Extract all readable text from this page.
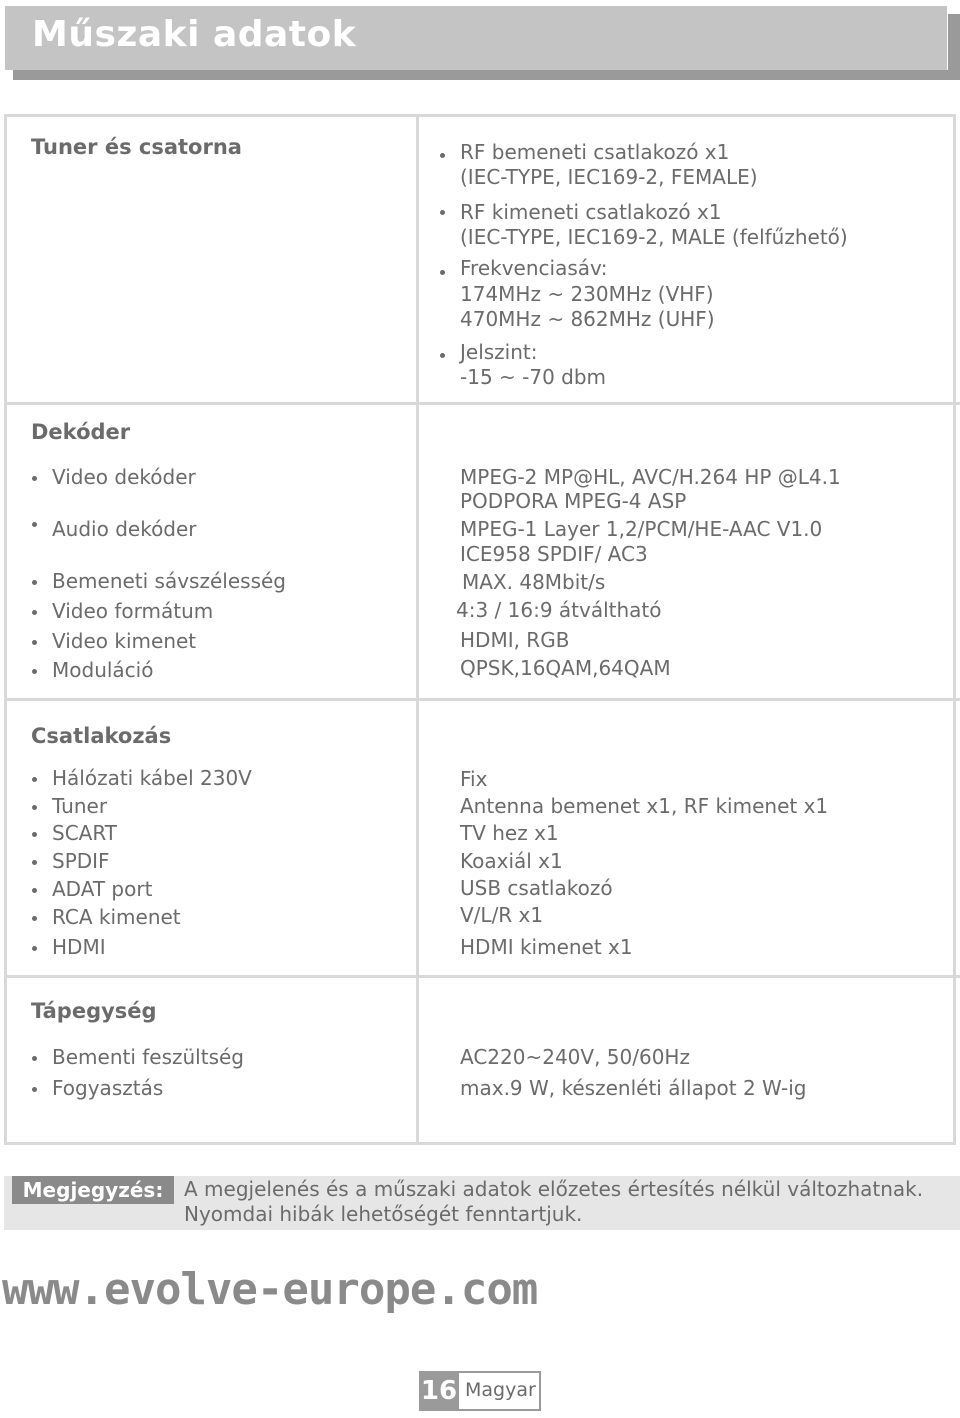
Műszaki adatok
Tuner és csatorna	RF bemeneti csatlakozó x1
(IEC-TYPE, IEC169-2, FEMALE)
RF kimeneti csatlakozó x1
(IEC-TYPE, IEC169-2, MALE (felfűzhető)
Frekvenciasáv:
174MHz ~ 230MHz (VHF)
470MHz ~ 862MHz (UHF)
Jelszint:
-15 ~ -70 dbm
Dekóder
Video dekóder
Audio dekóder
Bemeneti sávszélesség
Video formátum
Video kimenet
Moduláció
MPEG-2 MP@HL, AVC/H.264 HP @L4.1
PODPORA MPEG-4 ASP
MPEG-1 Layer 1,2/PCM/HE-AAC V1.0
ICE958 SPDIF/ AC3
MAX. 48Mbit/s
4:3 / 16:9 átváltható
HDMI, RGB
QPSK,16QAM,64QAM
Csatlakozás
Hálózati kábel 230V
Tuner
SCART
SPDIF
ADAT port
RCA kimenet
HDMI
Fix
Antenna bemenet x1, RF kimenet x1
TV hez x1
Koaxiál x1
USB csatlakozó
V/L/R x1
HDMI kimenet x1
Tápegység
Bementi feszültség
Fogyasztás
AC220~240V, 50/60Hz
max.9 W, készenléti állapot 2 W-ig
Megjegyzés:	A megjelenés és a műszaki adatok előzetes értesítés nélkül változhatnak.
Nyomdai hibák lehetőségét fenntartjuk.
www.evolve-europe.com
16 Magyar
